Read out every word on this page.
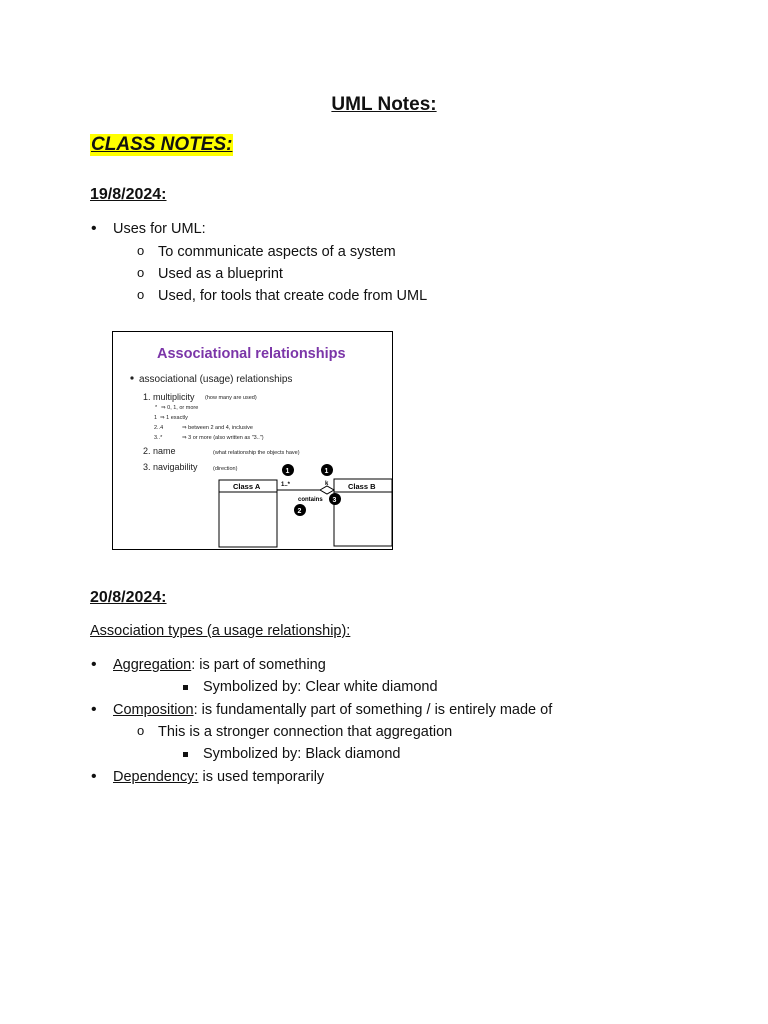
UML Notes:
CLASS NOTES:
19/8/2024:
• Uses for UML:
o To communicate aspects of a system
o Used as a blueprint
o Used, for tools that create code from UML
Associational relationships
associational (usage) relationships
1. multiplicity (how many are used)
* ⇒ 0, 1, or more
1 ⇒ 1 exactly
2..4	⇒ between 2 and 4, inclusive
3..*	⇒ 3 or more (also written as "3..")
2. name	(what relationship the objects have)
3. navigability	(direction)
Class A	Class B
1..*	k
contains
1	1
2
3
20/8/2024:
Association types (a usage relationship):
• Aggregation: is part of something
Symbolized by: Clear white diamond
• Composition: is fundamentally part of something / is entirely made of
o This is a stronger connection that aggregation
Symbolized by: Black diamond
• Dependency: is used temporarily
